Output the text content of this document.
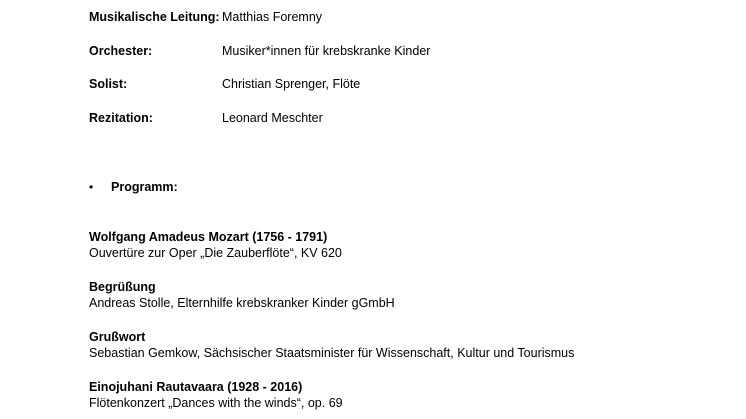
Musikalische Leitung: Matthias Foremny
Orchester:	Musiker*innen für krebskranke Kinder
Solist:	Christian Sprenger, Flöte
Rezitation:	Leonard Meschter
• Programm:
Wolfgang Amadeus Mozart (1756 - 1791)
Ouvertüre zur Oper „Die Zauberflöte“, KV 620
Begrüßung
Andreas Stolle, Elternhilfe krebskranker Kinder gGmbH
Grußwort
Sebastian Gemkow, Sächsischer Staatsminister für Wissenschaft, Kultur und Tourismus
Einojuhani Rautavaara (1928 - 2016)
Flötenkonzert „Dances with the winds“, op. 69
